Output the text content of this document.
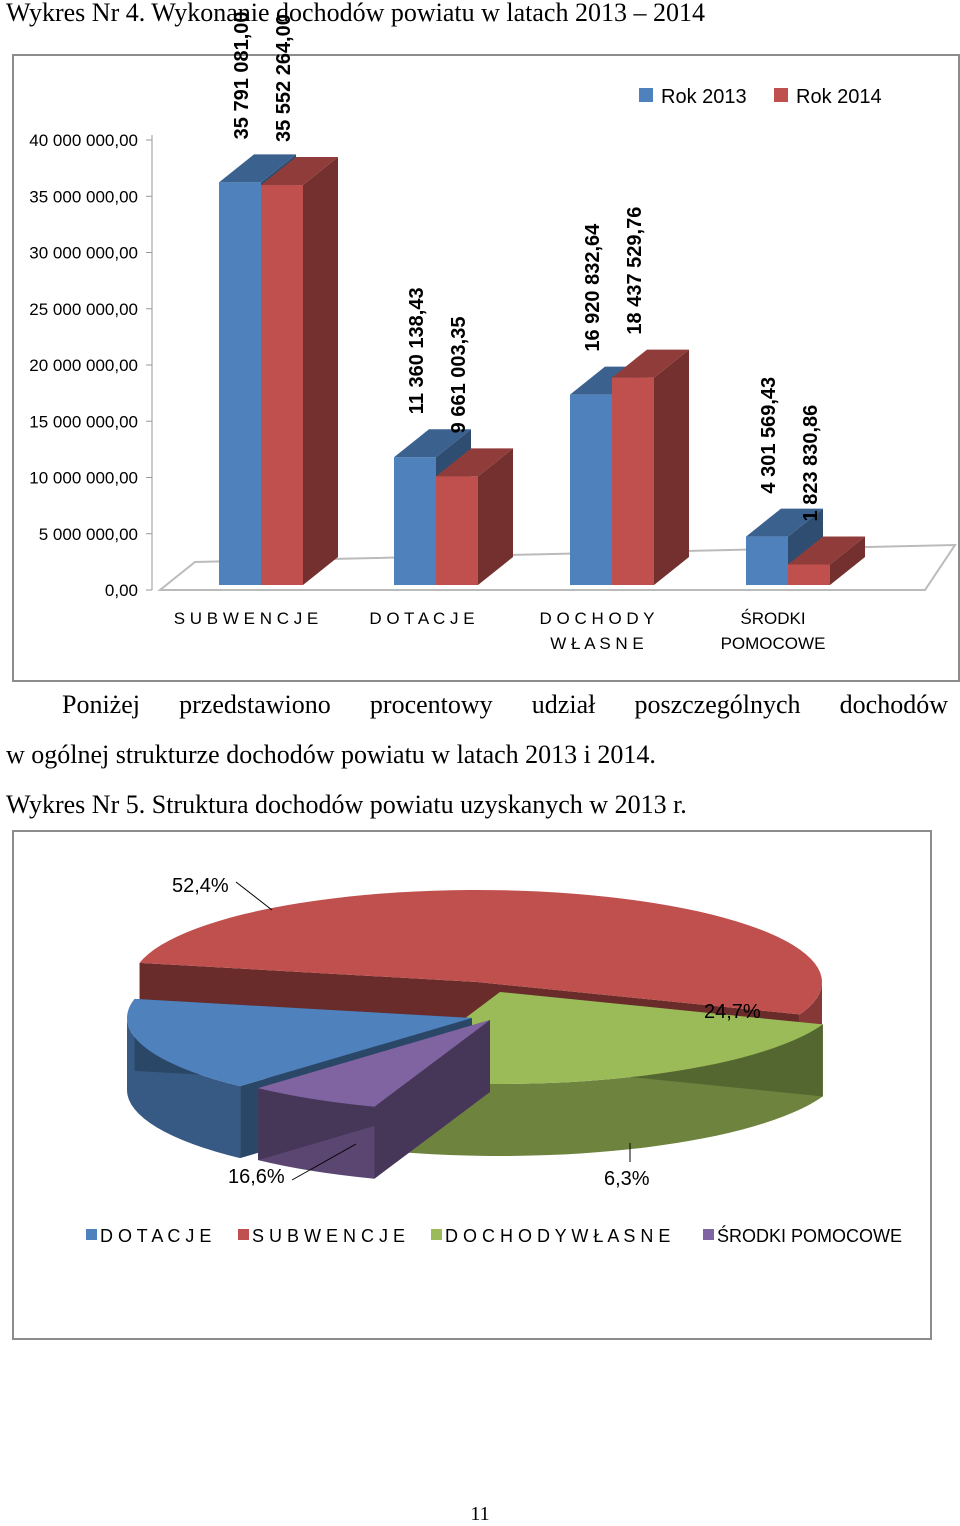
Wykres Nr 4. Wykonanie dochodów powiatu w latach 2013 – 2014
0,00
5 000 000,00
10 000 000,00
15 000 000,00
20 000 000,00
25 000 000,00
30 000 000,00
35 000 000,00
40 000 000,00
35 791 081,00 35 552 264,00
11 360 138,43 9 661 003,35
16 920 832,64 18 437 529,76
4 301 569,43 1 823 830,86
S U B W E N C J E	D O T A C J E	D O C H O D Y
W Ł A S N E
ŚRODKI
POMOCOWE
Rok 2013 Rok 2014
Poniżej przedstawiono procentowy udział poszczególnych dochodów
w ogólnej strukturze dochodów powiatu w latach 2013 i 2014.
Wykres Nr 5. Struktura dochodów powiatu uzyskanych w 2013 r.
52,4%
24,7%
6,3%
16,6%
D O T A C J E S U B W E N C J E D O C H O D Y W Ł A S N E	ŚRODKI POMOCOWE
11
